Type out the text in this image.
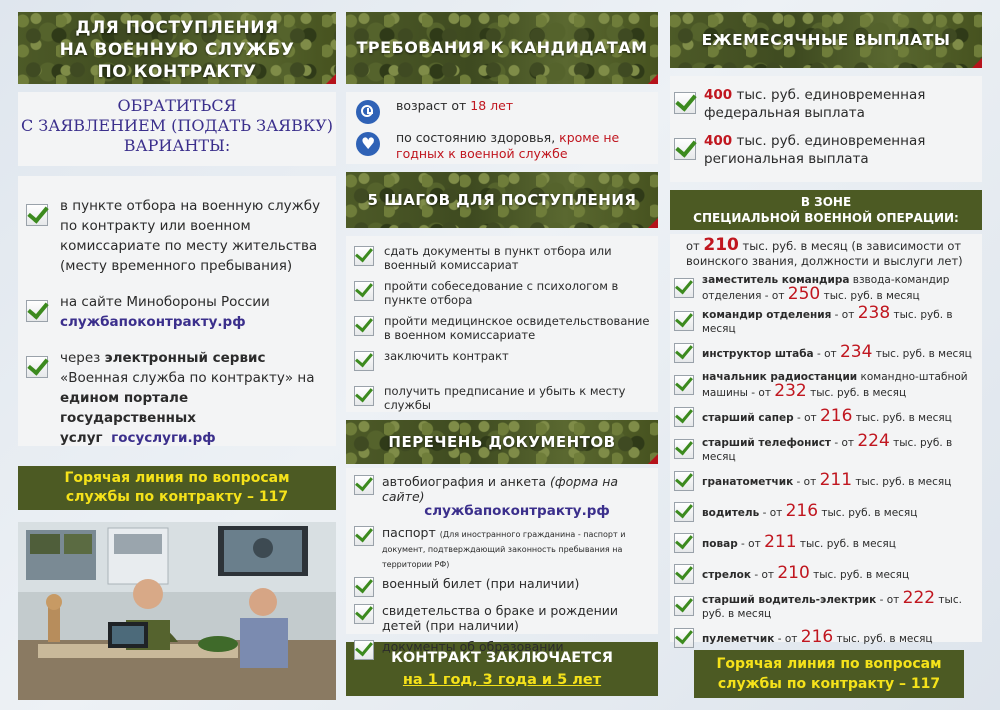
ДЛЯ ПОСТУПЛЕНИЯ
НА ВОЕННУЮ СЛУЖБУ
ПО КОНТРАКТУ
ОБРАТИТЬСЯ
С ЗАЯВЛЕНИЕМ (ПОДАТЬ ЗАЯВКУ)
ВАРИАНТЫ:
в пункте отбора на военную службу по контракту или военном комиссариате по месту жительства (месту временного пребывания)
на сайте Минобороны России
службапоконтракту.рф
через электронный сервис «Военная служба по контракту» на едином портале государственных услуг госуслуги.рф
Горячая линия по вопросам
службы по контракту – 117
ТРЕБОВАНИЯ К КАНДИДАТАМ
возраст от 18 лет
♥
по состоянию здоровья, кроме не годных к военной службе
5 ШАГОВ ДЛЯ ПОСТУПЛЕНИЯ
сдать документы в пункт отбора или военный комиссариат
пройти собеседование с психологом в пункте отбора
пройти медицинское освидетельствование в военном комиссариате
заключить контракт
получить предписание и убыть к месту службы
ПЕРЕЧЕНЬ ДОКУМЕНТОВ
автобиография и анкета (форма на сайте)

службапоконтракту.рф
паспорт (Для иностранного гражданина - паспорт и документ, подтверждающий законность пребывания на территории РФ)
военный билет (при наличии)
свидетельства о браке и рождении детей (при наличии)
документы об образовании
КОНТРАКТ ЗАКЛЮЧАЕТСЯ
на 1 год, 3 года и 5 лет
ЕЖЕМЕСЯЧНЫЕ ВЫПЛАТЫ
400 тыс. руб. единовременная федеральная выплата
400 тыс. руб. единовременная региональная выплата
В ЗОНЕ
СПЕЦИАЛЬНОЙ ВОЕННОЙ ОПЕРАЦИИ:
от 210 тыс. руб. в месяц (в зависимости от воинского звания, должности и выслуги лет)
заместитель командира взвода-командир отделения - от 250 тыс. руб. в месяц
командир отделения - от 238 тыс. руб. в месяц
инструктор штаба - от 234 тыс. руб. в месяц
начальник радиостанции командно-штабной машины - от 232 тыс. руб. в месяц
старший сапер - от 216 тыс. руб. в месяц
старший телефонист - от 224 тыс. руб. в месяц
гранатометчик - от 211 тыс. руб. в месяц
водитель - от 216 тыс. руб. в месяц
повар - от 211 тыс. руб. в месяц
стрелок - от 210 тыс. руб. в месяц
старший водитель-электрик - от 222 тыс. руб. в месяц
пулеметчик - от 216 тыс. руб. в месяц
Горячая линия по вопросам
службы по контракту – 117
